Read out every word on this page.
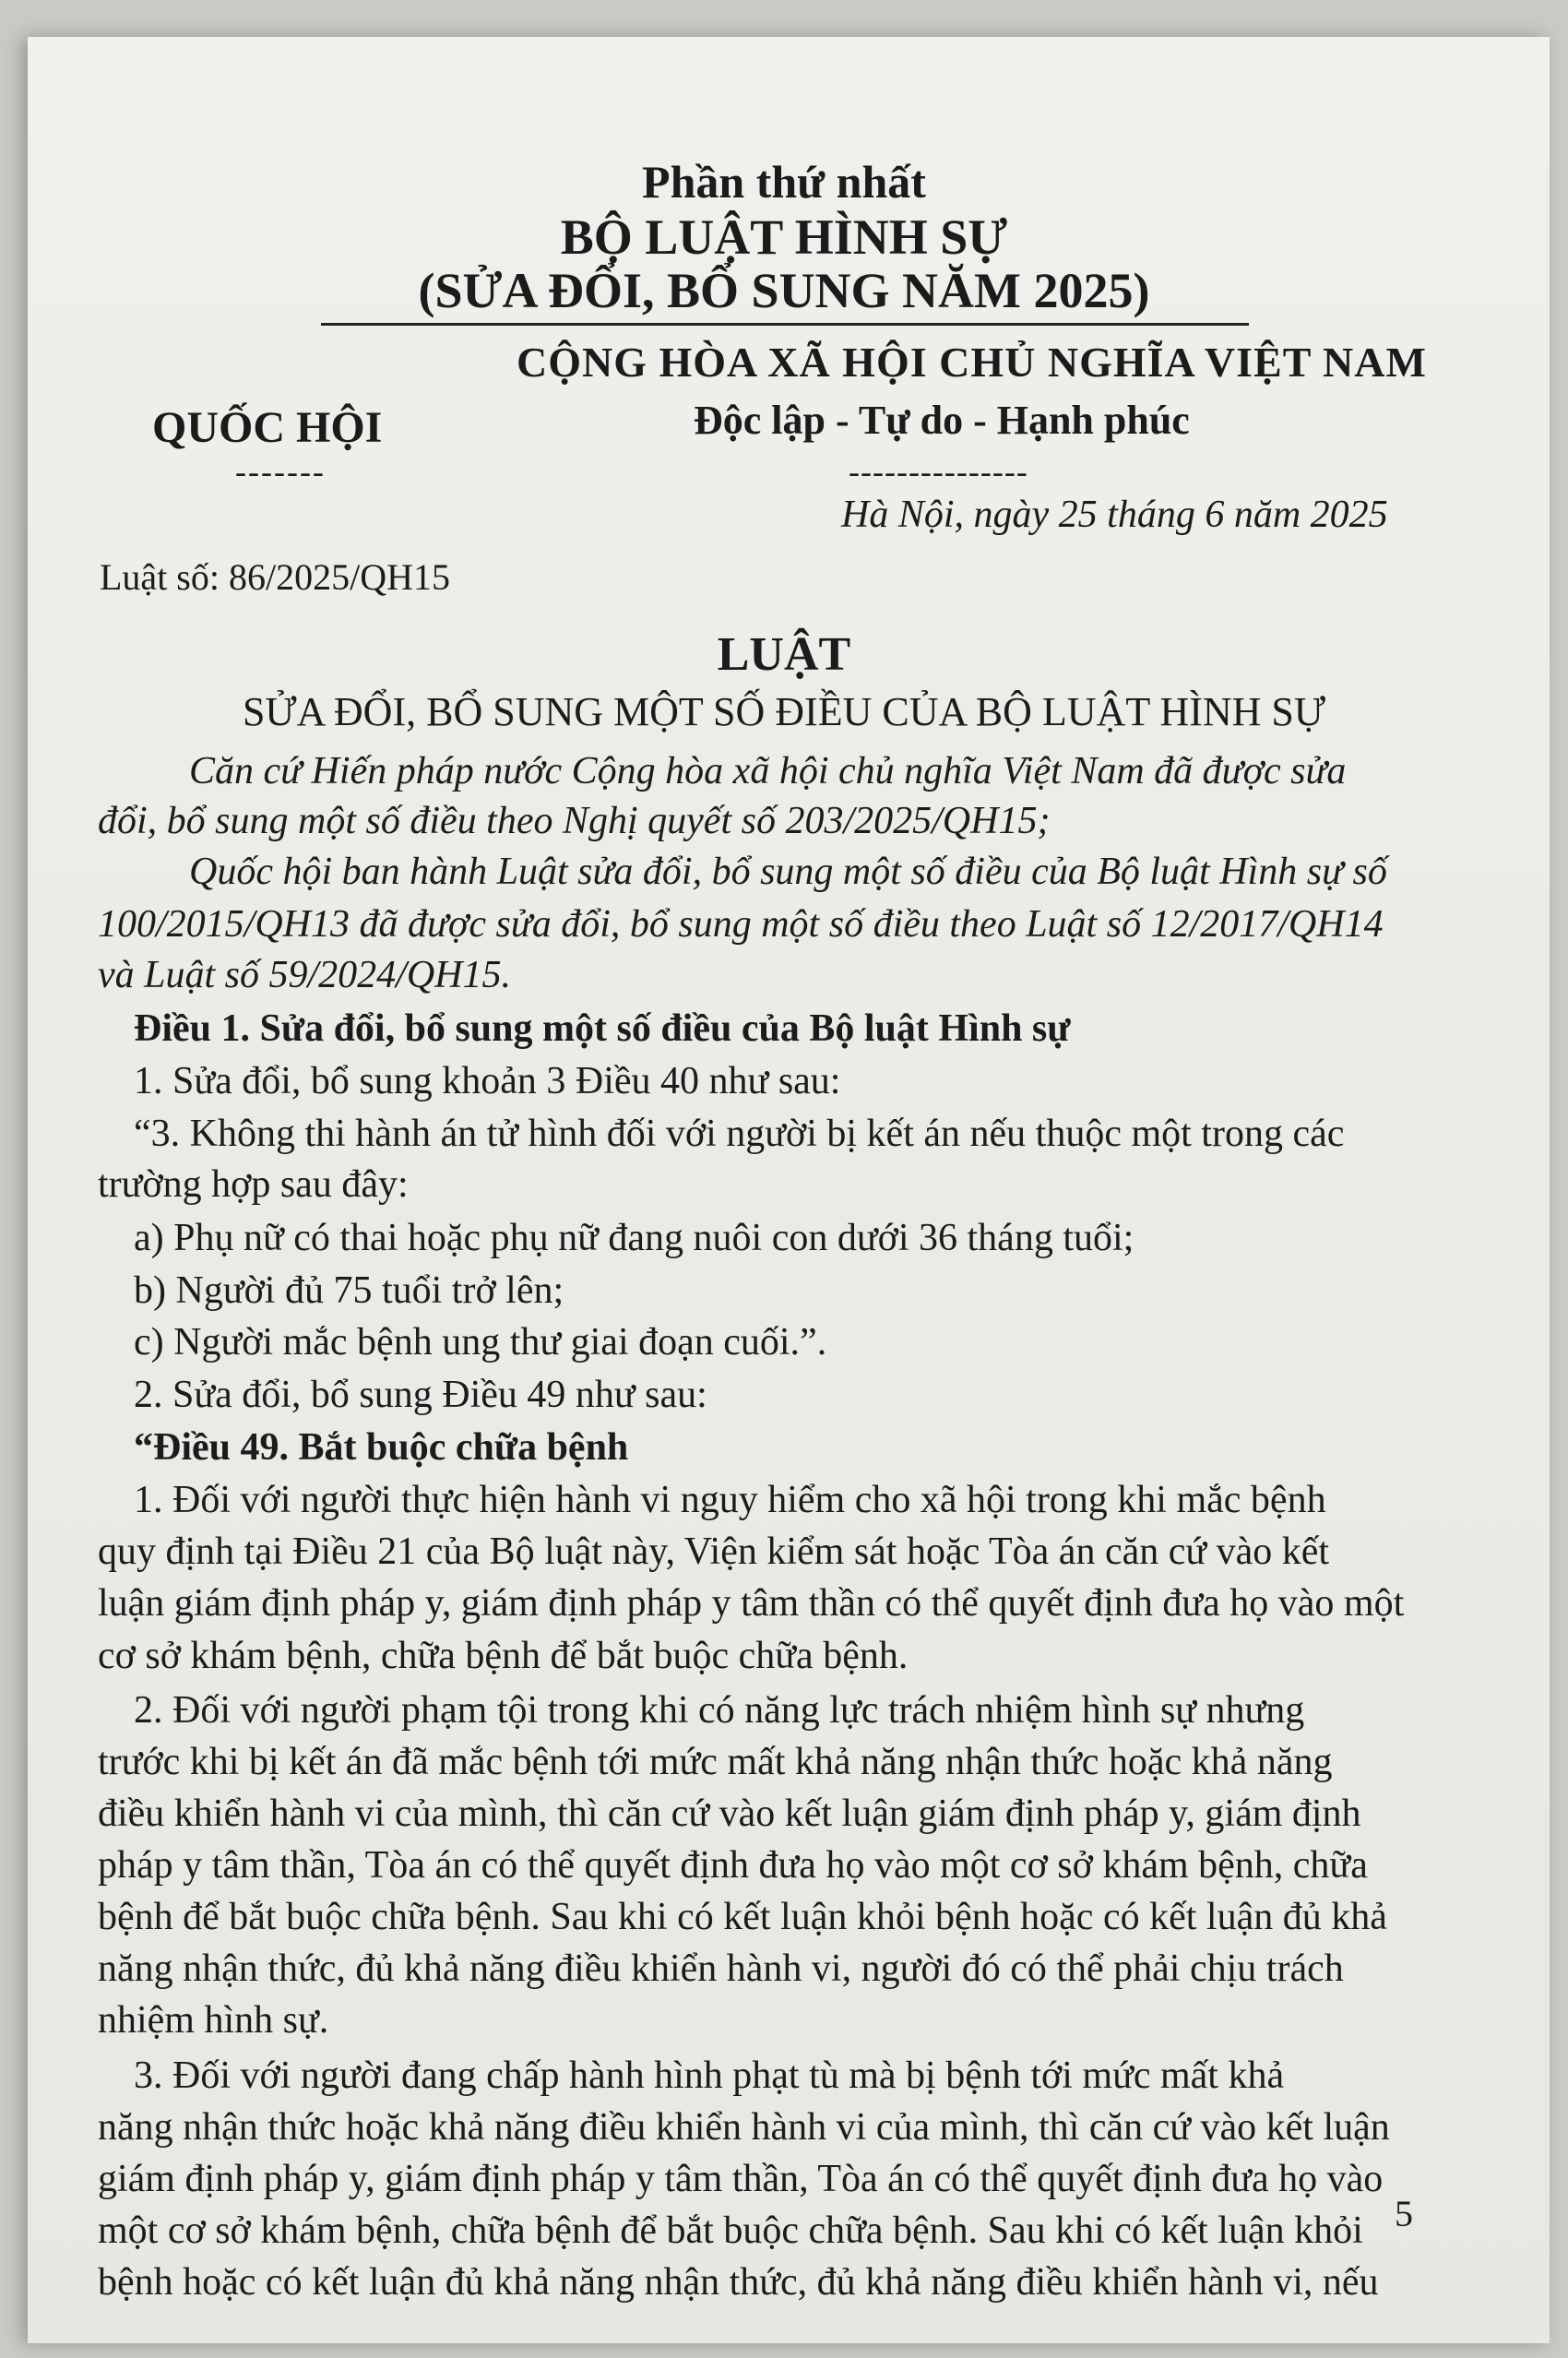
Phần thứ nhất
BỘ LUẬT HÌNH SỰ
(SỬA ĐỔI, BỔ SUNG NĂM 2025)
CỘNG HÒA XÃ HỘI CHỦ NGHĨA VIỆT NAM
QUỐC HỘI	Độc lập - Tự do - Hạnh phúc
-------	---------------
Hà Nội, ngày 25 tháng 6 năm 2025
Luật số: 86/2025/QH15
LUẬT
SỬA ĐỔI, BỔ SUNG MỘT SỐ ĐIỀU CỦA BỘ LUẬT HÌNH SỰ
Căn cứ Hiến pháp nước Cộng hòa xã hội chủ nghĩa Việt Nam đã được sửa
đổi, bổ sung một số điều theo Nghị quyết số 203/2025/QH15;
Quốc hội ban hành Luật sửa đổi, bổ sung một số điều của Bộ luật Hình sự số
100/2015/QH13 đã được sửa đổi, bổ sung một số điều theo Luật số 12/2017/QH14
và Luật số 59/2024/QH15.
Điều 1. Sửa đổi, bổ sung một số điều của Bộ luật Hình sự
1. Sửa đổi, bổ sung khoản 3 Điều 40 như sau:
“3. Không thi hành án tử hình đối với người bị kết án nếu thuộc một trong các
trường hợp sau đây:
a) Phụ nữ có thai hoặc phụ nữ đang nuôi con dưới 36 tháng tuổi;
b) Người đủ 75 tuổi trở lên;
c) Người mắc bệnh ung thư giai đoạn cuối.”.
2. Sửa đổi, bổ sung Điều 49 như sau:
“Điều 49. Bắt buộc chữa bệnh
1. Đối với người thực hiện hành vi nguy hiểm cho xã hội trong khi mắc bệnh
quy định tại Điều 21 của Bộ luật này, Viện kiểm sát hoặc Tòa án căn cứ vào kết
luận giám định pháp y, giám định pháp y tâm thần có thể quyết định đưa họ vào một
cơ sở khám bệnh, chữa bệnh để bắt buộc chữa bệnh.
2. Đối với người phạm tội trong khi có năng lực trách nhiệm hình sự nhưng
trước khi bị kết án đã mắc bệnh tới mức mất khả năng nhận thức hoặc khả năng
điều khiển hành vi của mình, thì căn cứ vào kết luận giám định pháp y, giám định
pháp y tâm thần, Tòa án có thể quyết định đưa họ vào một cơ sở khám bệnh, chữa
bệnh để bắt buộc chữa bệnh. Sau khi có kết luận khỏi bệnh hoặc có kết luận đủ khả
năng nhận thức, đủ khả năng điều khiển hành vi, người đó có thể phải chịu trách
nhiệm hình sự.
3. Đối với người đang chấp hành hình phạt tù mà bị bệnh tới mức mất khả
năng nhận thức hoặc khả năng điều khiển hành vi của mình, thì căn cứ vào kết luận
giám định pháp y, giám định pháp y tâm thần, Tòa án có thể quyết định đưa họ vào
một cơ sở khám bệnh, chữa bệnh để bắt buộc chữa bệnh. Sau khi có kết luận khỏi
bệnh hoặc có kết luận đủ khả năng nhận thức, đủ khả năng điều khiển hành vi, nếu
5
